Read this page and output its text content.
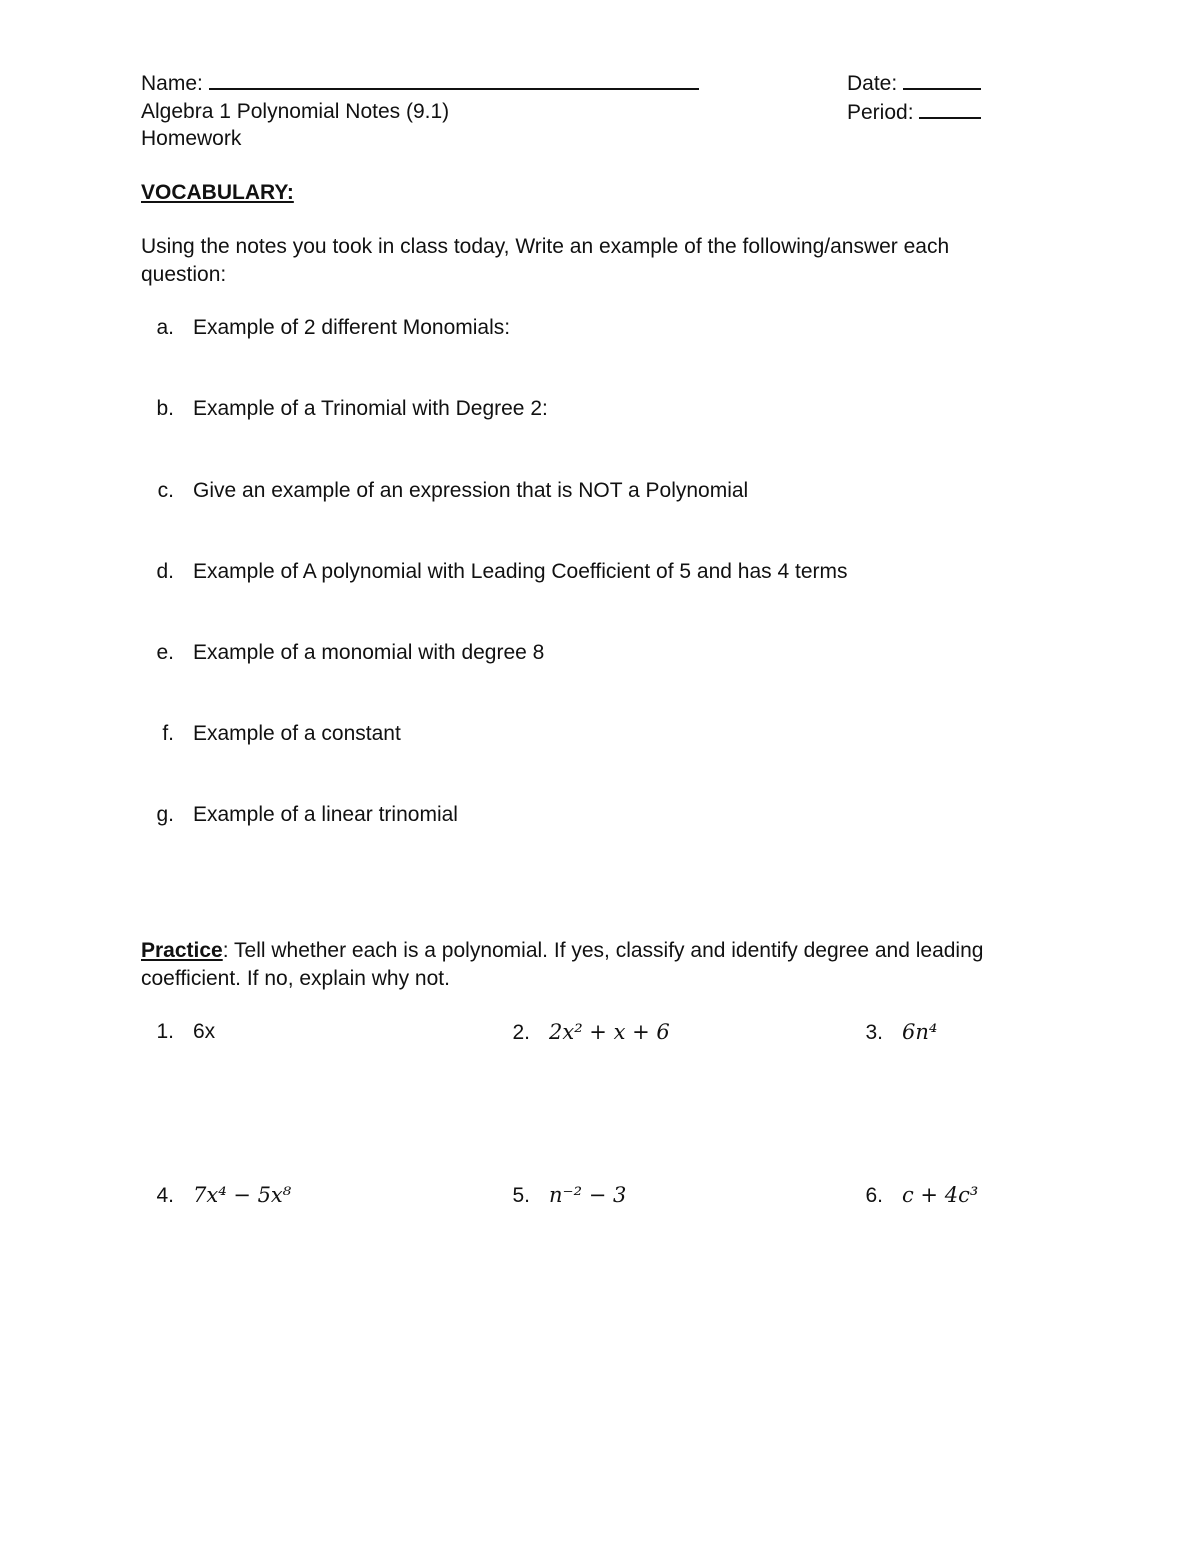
Name:	Date:
Algebra 1 Polynomial Notes (9.1)	Period:
Homework
VOCABULARY:
Using the notes you took in class today, Write an example of the following/answer each
question:
a. Example of 2 different Monomials:
b. Example of a Trinomial with Degree 2:
c. Give an example of an expression that is NOT a Polynomial
d. Example of A polynomial with Leading Coefficient of 5 and has 4 terms
e. Example of a monomial with degree 8
f. Example of a constant
g. Example of a linear trinomial
Practice: Tell whether each is a polynomial. If yes, classify and identify degree and leading
coefficient. If no, explain why not.
1. 6x	2. 2x² + x + 6	3. 6n⁴
4. 7x⁴ − 5x⁸	5. n⁻² − 3	6. c + 4c³
